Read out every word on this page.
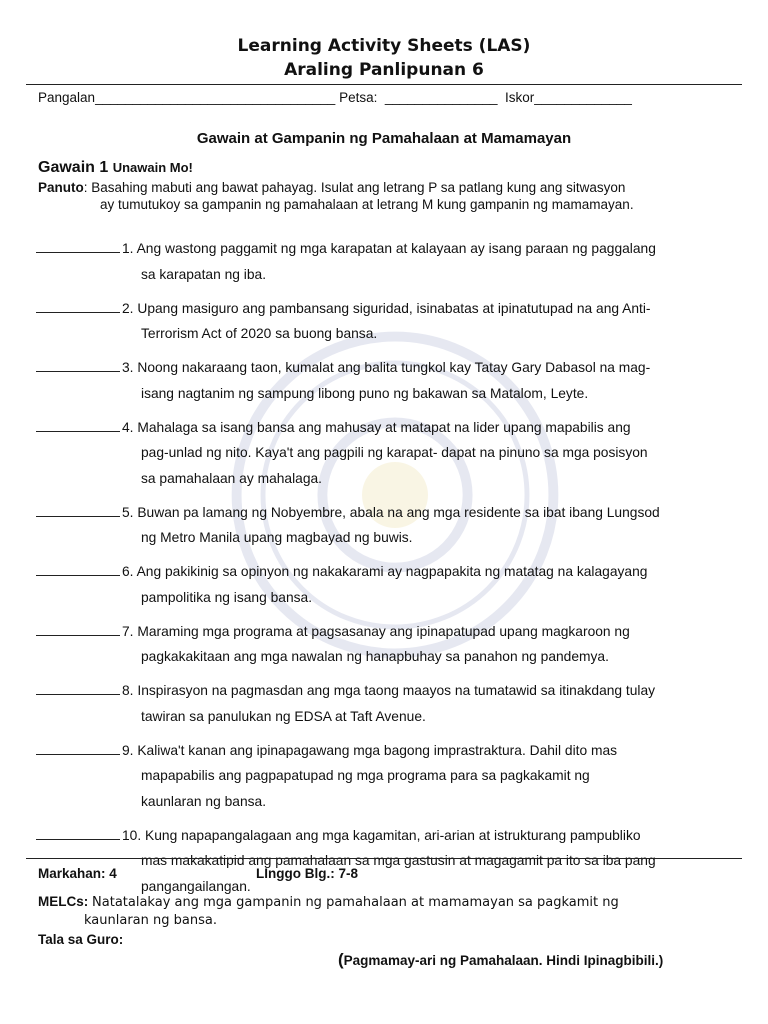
Learning Activity Sheets (LAS)
Araling Panlipunan 6
Pangalan________________________________ Petsa: _______________ Iskor_____________
Gawain at Gampanin ng Pamahalaan at Mamamayan
Gawain 1 Unawain Mo!
Panuto: Basahing mabuti ang bawat pahayag. Isulat ang letrang P sa patlang kung ang sitwasyon
ay tumutukoy sa gampanin ng pamahalaan at letrang M kung gampanin ng mamamayan.
1. Ang wastong paggamit ng mga karapatan at kalayaan ay isang paraan ng paggalang
sa karapatan ng iba.
2. Upang masiguro ang pambansang siguridad, isinabatas at ipinatutupad na ang Anti-
Terrorism Act of 2020 sa buong bansa.
3. Noong nakaraang taon, kumalat ang balita tungkol kay Tatay Gary Dabasol na mag-
isang nagtanim ng sampung libong puno ng bakawan sa Matalom, Leyte.
4. Mahalaga sa isang bansa ang mahusay at matapat na lider upang mapabilis ang
pag-unlad ng nito. Kaya't ang pagpili ng karapat- dapat na pinuno sa mga posisyon
sa pamahalaan ay mahalaga.
5. Buwan pa lamang ng Nobyembre, abala na ang mga residente sa ibat ibang Lungsod
ng Metro Manila upang magbayad ng buwis.
6. Ang pakikinig sa opinyon ng nakakarami ay nagpapakita ng matatag na kalagayang
pampolitika ng isang bansa.
7. Maraming mga programa at pagsasanay ang ipinapatupad upang magkaroon ng
pagkakakitaan ang mga nawalan ng hanapbuhay sa panahon ng pandemya.
8. Inspirasyon na pagmasdan ang mga taong maayos na tumatawid sa itinakdang tulay
tawiran sa panulukan ng EDSA at Taft Avenue.
9. Kaliwa't kanan ang ipinapagawang mga bagong imprastraktura. Dahil dito mas
mapapabilis ang pagpapatupad ng mga programa para sa pagkakamit ng
kaunlaran ng bansa.
10. Kung napapangalagaan ang mga kagamitan, ari-arian at istrukturang pampubliko
mas makakatipid ang pamahalaan sa mga gastusin at magagamit pa ito sa iba pang
pangangailangan.
Markahan: 4	LInggo Blg.: 7-8
MELCs: Natatalakay ang mga gampanin ng pamahalaan at mamamayan sa pagkamit ng
kaunlaran ng bansa.
Tala sa Guro:
(Pagmamay-ari ng Pamahalaan. Hindi Ipinagbibili.)
